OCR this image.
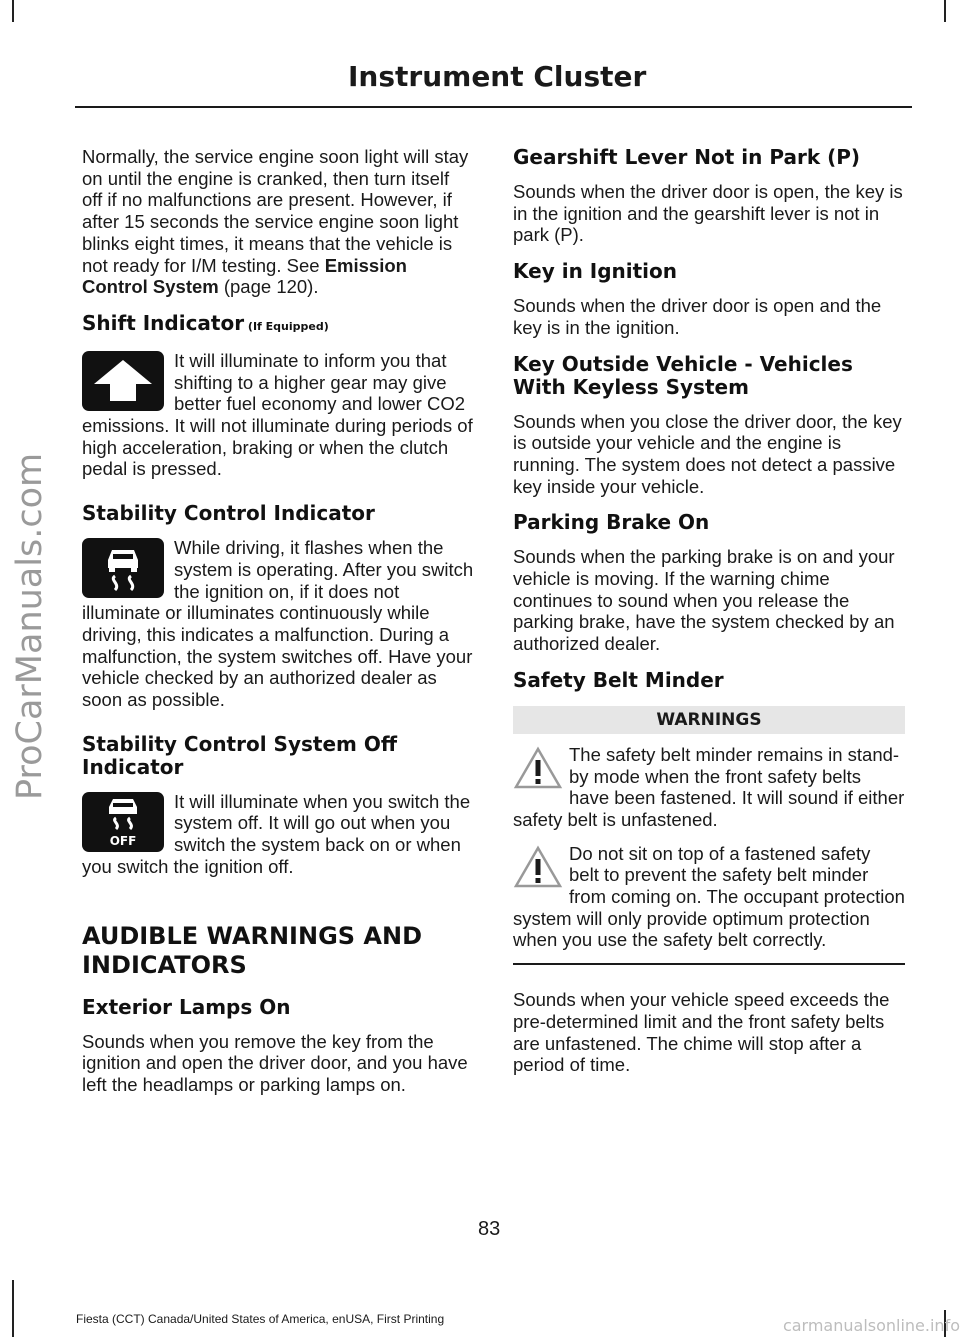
ProCarManuals.com
Instrument Cluster

Normally, the service engine soon light will stay on until the engine is cranked, then turn itself off if no malfunctions are present. However, if after 15 seconds the service engine soon light blinks eight times, it means that the vehicle is not ready for I/M testing. See Emission Control System (page 120).

Shift Indicator (If Equipped)

It will illuminate to inform you that shifting to a higher gear may give better fuel economy and lower CO2 emissions. It will not illuminate during periods of high acceleration, braking or when the clutch pedal is pressed.

Stability Control Indicator

While driving, it flashes when the system is operating. After you switch the ignition on, if it does not illuminate or illuminates continuously while driving, this indicates a malfunction. During a malfunction, the system switches off. Have your vehicle checked by an authorized dealer as soon as possible.

Stability Control System Off Indicator
OFF

It will illuminate when you switch the system off. It will go out when you switch the system back on or when you switch the ignition off.

AUDIBLE WARNINGS AND
INDICATORS
Exterior Lamps On

Sounds when you remove the key from the ignition and open the driver door, and you have left the headlamps or parking lamps on.

Gearshift Lever Not in Park (P)

Sounds when the driver door is open, the key is in the ignition and the gearshift lever is not in park (P).

Key in Ignition

Sounds when the driver door is open and the key is in the ignition.

Key Outside Vehicle - Vehicles With Keyless System

Sounds when you close the driver door, the key is outside your vehicle and the engine is running. The system does not detect a passive key inside your vehicle.

Parking Brake On

Sounds when the parking brake is on and your vehicle is moving. If the warning chime continues to sound when you release the parking brake, have the system checked by an authorized dealer.

Safety Belt Minder
WARNINGS
The safety belt minder remains in stand-by mode when the front safety belts have been fastened. It will sound if either safety belt is unfastened.
Do not sit on top of a fastened safety belt to prevent the safety belt minder from coming on. The occupant protection system will only provide optimum protection when you use the safety belt correctly.

Sounds when your vehicle speed exceeds the pre-determined limit and the front safety belts are unfastened. The chime will stop after a period of time.

83
Fiesta (CCT) Canada/United States of America, enUSA, First Printing	carmanualsonline.info
